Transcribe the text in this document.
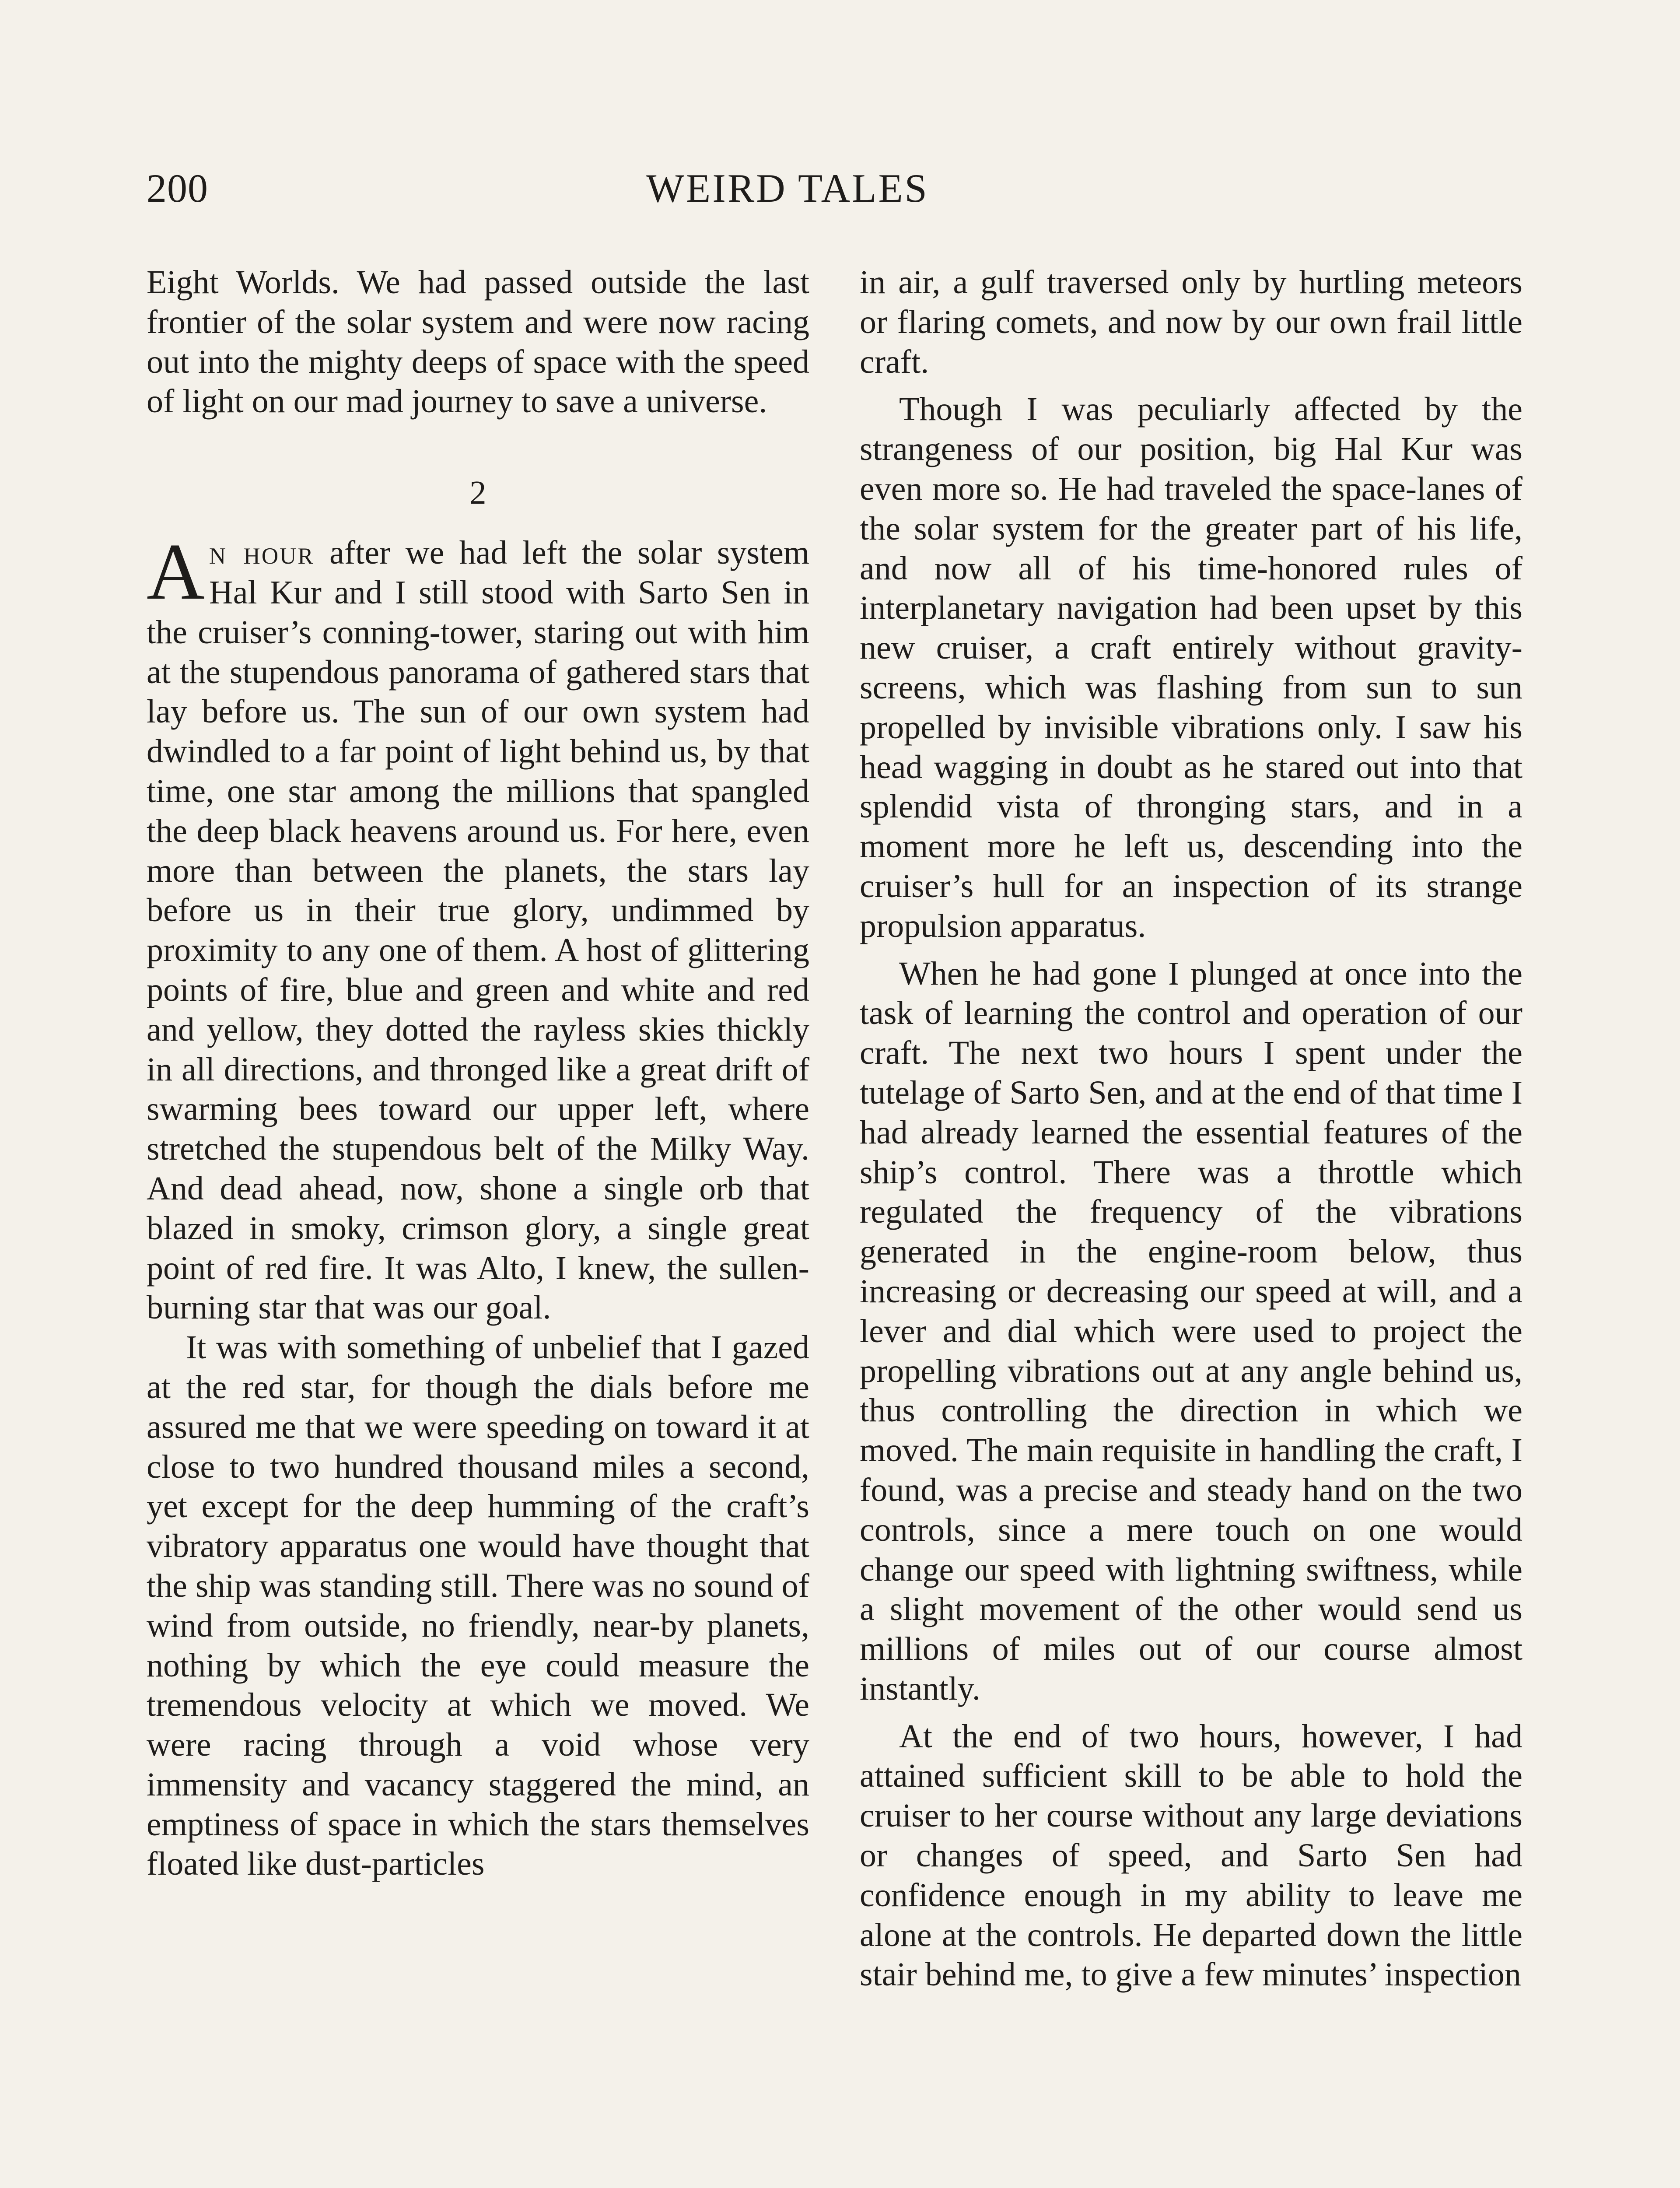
200	WEIRD TALES

Eight Worlds. We had passed outside the last frontier of the solar system and were now racing out into the mighty deeps of space with the speed of light on our mad journey to save a universe.

2

An hour after we had left the solar system Hal Kur and I still stood with Sarto Sen in the cruiser’s conning-tower, staring out with him at the stupendous panorama of gathered stars that lay before us. The sun of our own system had dwindled to a far point of light behind us, by that time, one star among the millions that spangled the deep black heavens around us. For here, even more than between the planets, the stars lay before us in their true glory, undimmed by proximity to any one of them. A host of glittering points of fire, blue and green and white and red and yellow, they dotted the rayless skies thickly in all directions, and thronged like a great drift of swarming bees toward our upper left, where stretched the stupendous belt of the Milky Way. And dead ahead, now, shone a single orb that blazed in smoky, crimson glory, a single great point of red fire. It was Alto, I knew, the sullen-burning star that was our goal.

It was with something of unbelief that I gazed at the red star, for though the dials before me assured me that we were speeding on toward it at close to two hundred thousand miles a second, yet except for the deep humming of the craft’s vibratory apparatus one would have thought that the ship was standing still. There was no sound of wind from outside, no friendly, near-by planets, nothing by which the eye could measure the tremendous velocity at which we moved. We were racing through a void whose very immensity and vacancy staggered the mind, an emptiness of space in which the stars themselves floated like dust-particles

in air, a gulf traversed only by hurtling meteors or flaring comets, and now by our own frail little craft.

Though I was peculiarly affected by the strangeness of our position, big Hal Kur was even more so. He had traveled the space-lanes of the solar system for the greater part of his life, and now all of his time-honored rules of interplanetary navigation had been upset by this new cruiser, a craft entirely without gravity-screens, which was flashing from sun to sun propelled by invisible vibrations only. I saw his head wagging in doubt as he stared out into that splendid vista of thronging stars, and in a moment more he left us, descending into the cruiser’s hull for an inspection of its strange propulsion apparatus.

When he had gone I plunged at once into the task of learning the control and operation of our craft. The next two hours I spent under the tutelage of Sarto Sen, and at the end of that time I had already learned the essential features of the ship’s control. There was a throttle which regulated the frequency of the vibrations generated in the engine-room below, thus increasing or decreasing our speed at will, and a lever and dial which were used to project the propelling vibrations out at any angle behind us, thus controlling the direction in which we moved. The main requisite in handling the craft, I found, was a precise and steady hand on the two controls, since a mere touch on one would change our speed with lightning swiftness, while a slight movement of the other would send us millions of miles out of our course almost instantly.

At the end of two hours, however, I had attained sufficient skill to be able to hold the cruiser to her course without any large deviations or changes of speed, and Sarto Sen had confidence enough in my ability to leave me alone at the controls. He departed down the little stair behind me, to give a few minutes’ inspection
